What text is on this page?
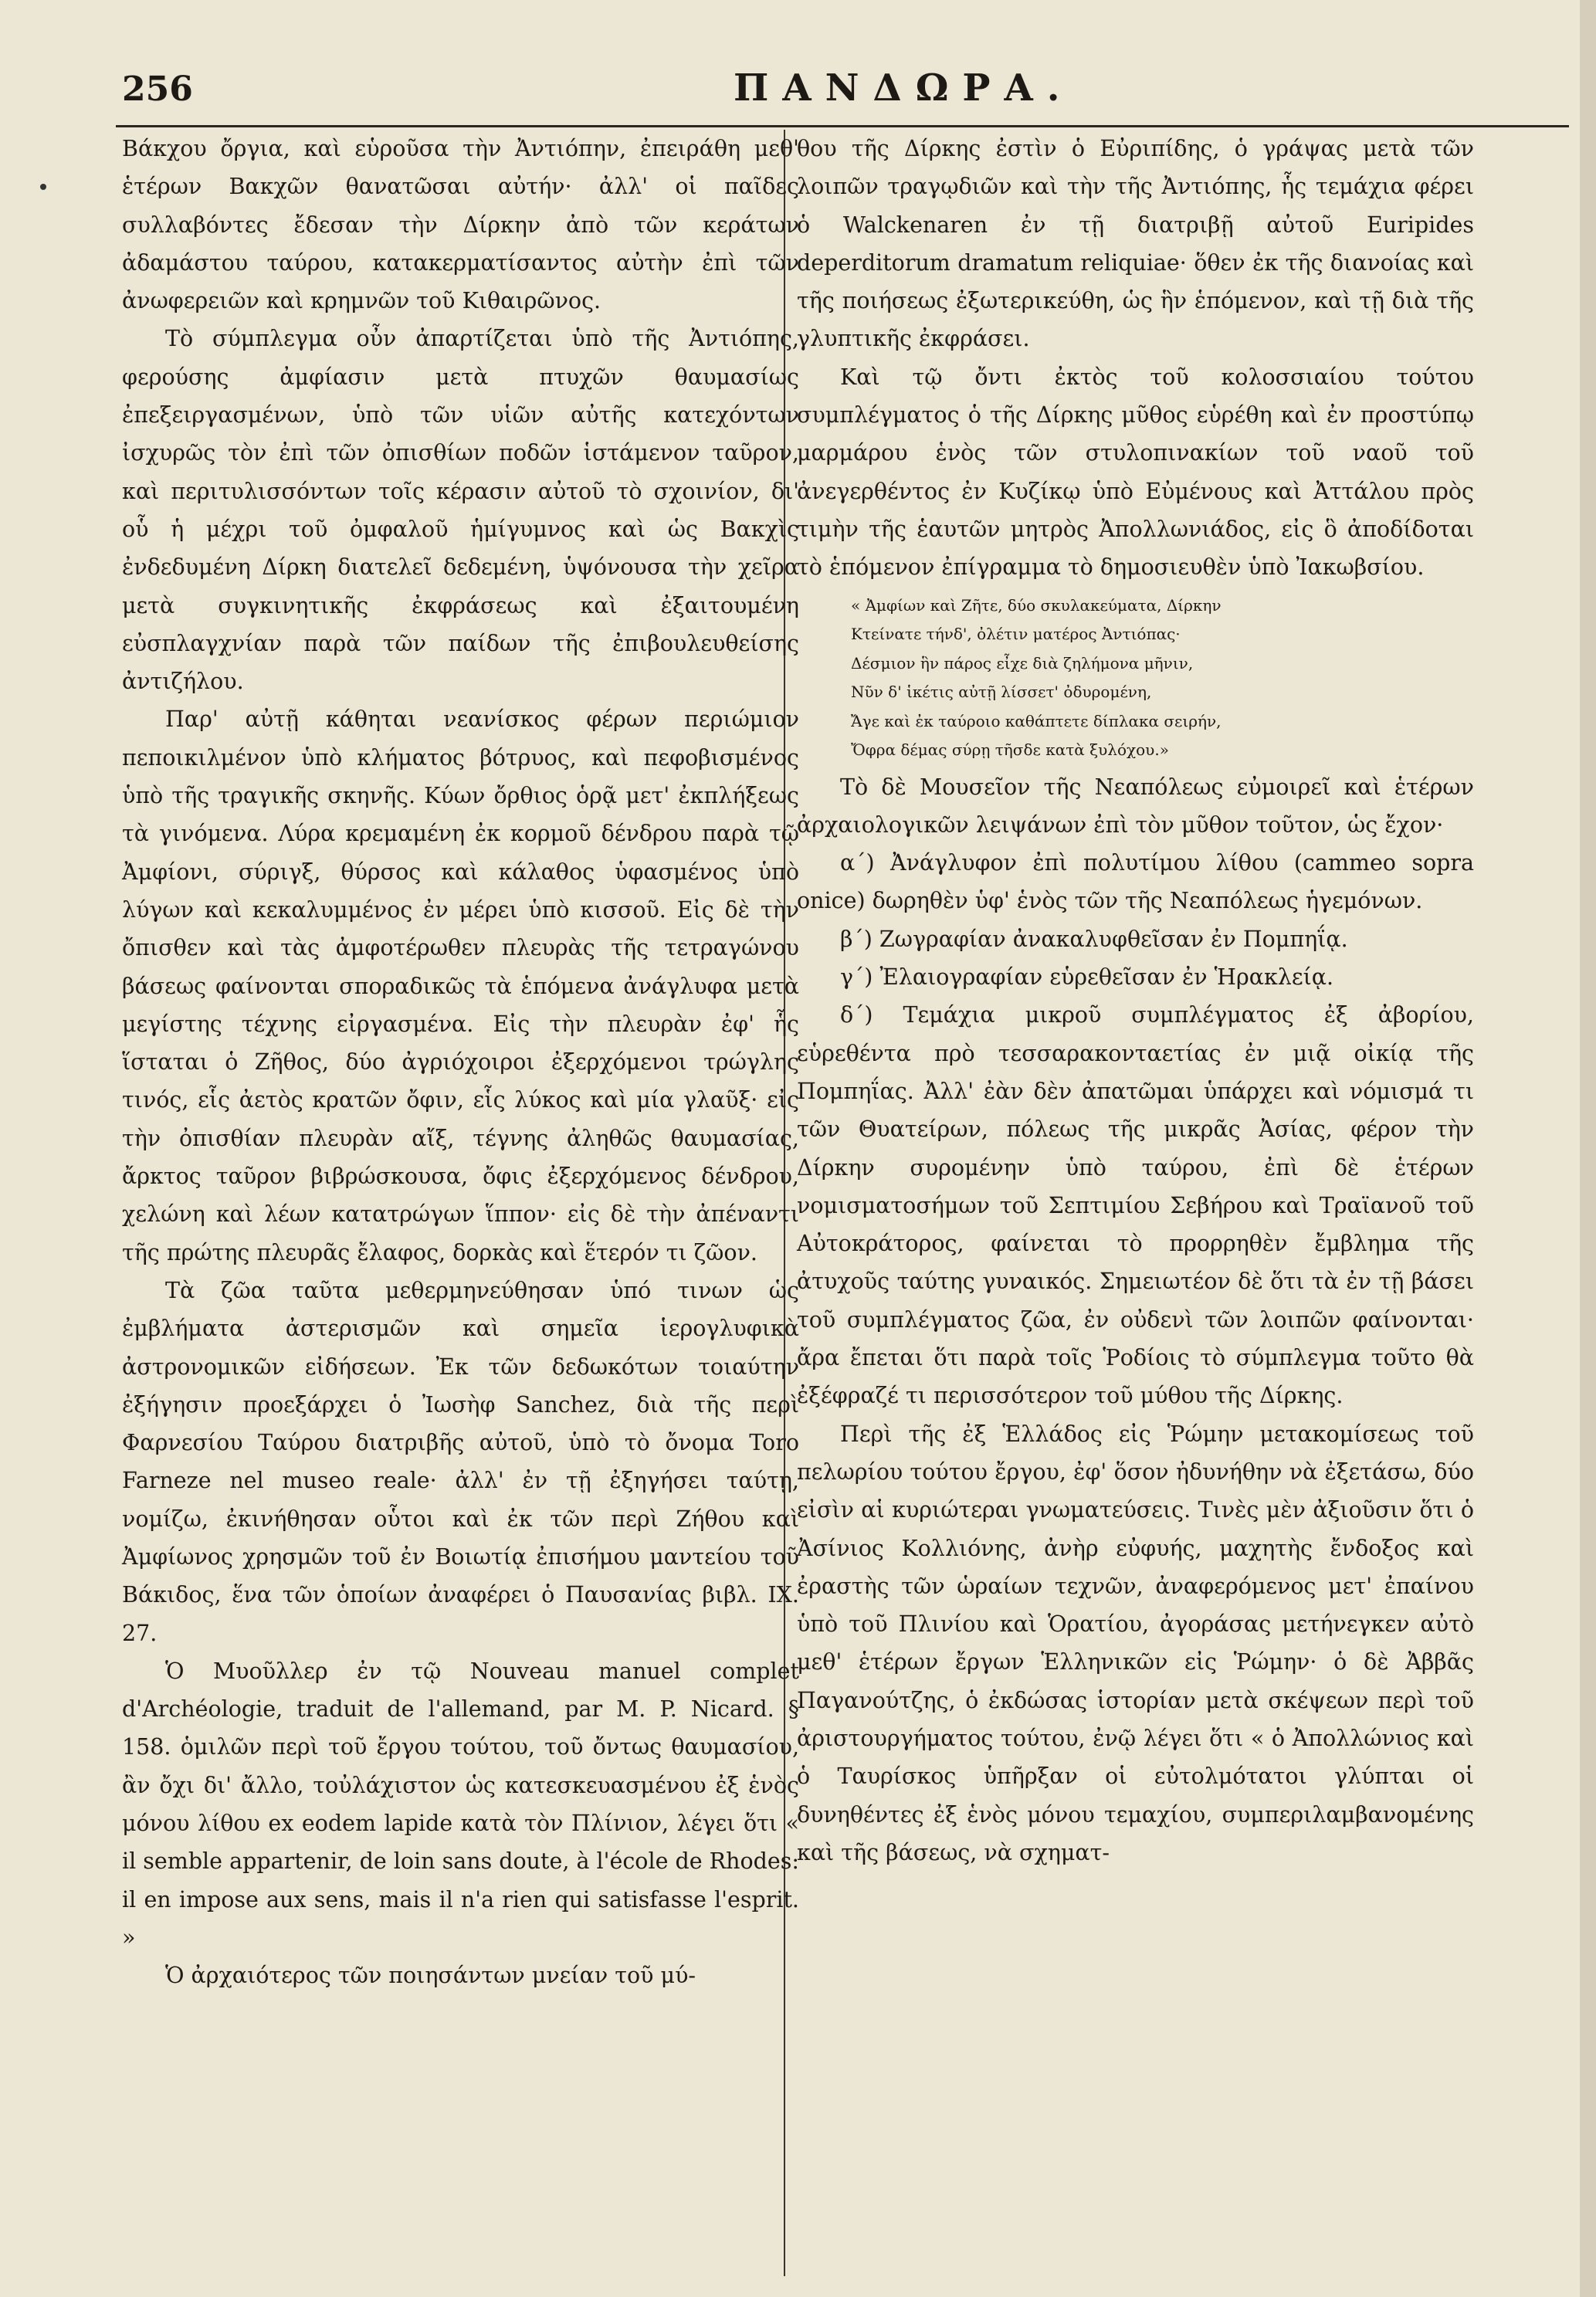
256	ΠΑΝΔΩΡΑ.

Βάκχου ὄργια, καὶ εὑροῦσα τὴν Ἀντιόπην, ἐπειράθη μεθ' ἑτέρων Βακχῶν θανατῶσαι αὐτήν· ἀλλ' οἱ παῖδες συλλαβόντες ἔδεσαν τὴν Δίρκην ἀπὸ τῶν κεράτων ἀδαμάστου ταύρου, κατακερματίσαντος αὐτὴν ἐπὶ τῶν ἀνωφερειῶν καὶ κρημνῶν τοῦ Κιθαιρῶνος.

Τὸ σύμπλεγμα οὖν ἀπαρτίζεται ὑπὸ τῆς Ἀντιόπης, φερούσης ἀμφίασιν μετὰ πτυχῶν θαυμασίως ἐπεξειργασμένων, ὑπὸ τῶν υἱῶν αὐτῆς κατεχόντων ἰσχυρῶς τὸν ἐπὶ τῶν ὀπισθίων ποδῶν ἱστάμενον ταῦρον, καὶ περιτυλισσόντων τοῖς κέρασιν αὐτοῦ τὸ σχοινίον, δι' οὗ ἡ μέχρι τοῦ ὀμφαλοῦ ἡμίγυμνος καὶ ὡς Βακχὶς ἐνδεδυμένη Δίρκη διατελεῖ δεδεμένη, ὑψόνουσα τὴν χεῖρα μετὰ συγκινητικῆς ἐκφράσεως καὶ ἐξαιτουμένη εὐσπλαγχνίαν παρὰ τῶν παίδων τῆς ἐπιβουλευθείσης ἀντιζήλου.

Παρ' αὐτῇ κάθηται νεανίσκος φέρων περιώμιον πεποικιλμένον ὑπὸ κλήματος βότρυος, καὶ πεφοβισμένος ὑπὸ τῆς τραγικῆς σκηνῆς. Κύων ὄρθιος ὁρᾷ μετ' ἐκπλήξεως τὰ γινόμενα. Λύρα κρεμαμένη ἐκ κορμοῦ δένδρου παρὰ τῷ Ἀμφίονι, σύριγξ, θύρσος καὶ κάλαθος ὑφασμένος ὑπὸ λύγων καὶ κεκαλυμμένος ἐν μέρει ὑπὸ κισσοῦ. Εἰς δὲ τὴν ὄπισθεν καὶ τὰς ἀμφοτέρωθεν πλευρὰς τῆς τετραγώνου βάσεως φαίνονται σποραδικῶς τὰ ἑπόμενα ἀνάγλυφα μετὰ μεγίστης τέχνης εἰργασμένα. Εἰς τὴν πλευρὰν ἐφ' ἧς ἵσταται ὁ Ζῆθος, δύο ἀγριόχοιροι ἐξερχόμενοι τρώγλης τινός, εἷς ἀετὸς κρατῶν ὄφιν, εἷς λύκος καὶ μία γλαῦξ· εἰς τὴν ὀπισθίαν πλευρὰν αἴξ, τέγνης ἀληθῶς θαυμασίας, ἄρκτος ταῦρον βιβρώσκουσα, ὄφις ἐξερχόμενος δένδρου, χελώνη καὶ λέων κατατρώγων ἵππον· εἰς δὲ τὴν ἀπέναντι τῆς πρώτης πλευρᾶς ἔλαφος, δορκὰς καὶ ἕτερόν τι ζῶον.

Τὰ ζῶα ταῦτα μεθερμηνεύθησαν ὑπό τινων ὡς ἐμβλήματα ἀστερισμῶν καὶ σημεῖα ἱερογλυφικὰ ἀστρονομικῶν εἰδήσεων. Ἐκ τῶν δεδωκότων τοιαύτην ἐξήγησιν προεξάρχει ὁ Ἰωσὴφ Sanchez, διὰ τῆς περὶ Φαρνεσίου Ταύρου διατριβῆς αὐτοῦ, ὑπὸ τὸ ὄνομα Toro Farneze nel museo reale· ἀλλ' ἐν τῇ ἐξηγήσει ταύτῃ, νομίζω, ἐκινήθησαν οὗτοι καὶ ἐκ τῶν περὶ Ζήθου καὶ Ἀμφίωνος χρησμῶν τοῦ ἐν Βοιωτίᾳ ἐπισήμου μαντείου τοῦ Βάκιδος, ἕνα τῶν ὁποίων ἀναφέρει ὁ Παυσανίας βιβλ. IX. 27.

Ὁ Μυοῦλλερ ἐν τῷ Nouveau manuel complet d'Archéologie, traduit de l'allemand, par M. P. Nicard. § 158. ὁμιλῶν περὶ τοῦ ἔργου τούτου, τοῦ ὄντως θαυμασίου, ἂν ὄχι δι' ἄλλο, τοὐλάχιστον ὡς κατεσκευασμένου ἐξ ἑνὸς μόνου λίθου ex eodem lapide κατὰ τὸν Πλίνιον, λέγει ὅτι « il semble appartenir, de loin sans doute, à l'école de Rhodes: il en impose aux sens, mais il n'a rien qui satisfasse l'esprit. »

Ὁ ἀρχαιότερος τῶν ποιησάντων μνείαν τοῦ μύ-

θου τῆς Δίρκης ἐστὶν ὁ Εὐριπίδης, ὁ γράψας μετὰ τῶν λοιπῶν τραγῳδιῶν καὶ τὴν τῆς Ἀντιόπης, ἧς τεμάχια φέρει ὁ Walckenaren ἐν τῇ διατριβῇ αὐτοῦ Euripides deperditorum dramatum reliquiae· ὅθεν ἐκ τῆς διανοίας καὶ τῆς ποιήσεως ἐξωτερικεύθη, ὡς ἣν ἑπόμενον, καὶ τῇ διὰ τῆς γλυπτικῆς ἐκφράσει.

Καὶ τῷ ὄντι ἐκτὸς τοῦ κολοσσιαίου τούτου συμπλέγματος ὁ τῆς Δίρκης μῦθος εὑρέθη καὶ ἐν προστύπῳ μαρμάρου ἑνὸς τῶν στυλοπινακίων τοῦ ναοῦ τοῦ ἀνεγερθέντος ἐν Κυζίκῳ ὑπὸ Εὐμένους καὶ Ἀττάλου πρὸς τιμὴν τῆς ἑαυτῶν μητρὸς Ἀπολλωνιάδος, εἰς ὃ ἀποδίδοται τὸ ἑπόμενον ἐπίγραμμα τὸ δημοσιευθὲν ὑπὸ Ἰακωβσίου.

« Ἀμφίων καὶ Ζῆτε, δύο σκυλακεύματα, Δίρκην
Κτείνατε τήνδ', ὀλέτιν ματέρος Ἀντιόπας·
Δέσμιον ἣν πάρος εἶχε διὰ ζηλήμονα μῆνιν,
Νῦν δ' ἱκέτις αὐτῇ λίσσετ' ὀδυρομένη,
Ἄγε καὶ ἐκ ταύροιο καθάπτετε δίπλακα σειρήν,
Ὄφρα δέμας σύρῃ τῆσδε κατὰ ξυλόχου.»

Τὸ δὲ Μουσεῖον τῆς Νεαπόλεως εὐμοιρεῖ καὶ ἑτέρων ἀρχαιολογικῶν λειψάνων ἐπὶ τὸν μῦθον τοῦτον, ὡς ἔχον·

α΄) Ἀνάγλυφον ἐπὶ πολυτίμου λίθου (cammeo sopra onice) δωρηθὲν ὑφ' ἑνὸς τῶν τῆς Νεαπόλεως ἡγεμόνων.

β΄) Ζωγραφίαν ἀνακαλυφθεῖσαν ἐν Πομπηΐᾳ.

γ΄) Ἐλαιογραφίαν εὑρεθεῖσαν ἐν Ἡρακλείᾳ.

δ΄) Τεμάχια μικροῦ συμπλέγματος ἐξ ἀβορίου, εὑρεθέντα πρὸ τεσσαρακονταετίας ἐν μιᾷ οἰκίᾳ τῆς Πομπηΐας. Ἀλλ' ἐὰν δὲν ἀπατῶμαι ὑπάρχει καὶ νόμισμά τι τῶν Θυατείρων, πόλεως τῆς μικρᾶς Ἀσίας, φέρον τὴν Δίρκην συρομένην ὑπὸ ταύρου, ἐπὶ δὲ ἑτέρων νομισματοσήμων τοῦ Σεπτιμίου Σεβήρου καὶ Τραϊανοῦ τοῦ Αὐτοκράτορος, φαίνεται τὸ προρρηθὲν ἔμβλημα τῆς ἀτυχοῦς ταύτης γυναικός. Σημειωτέον δὲ ὅτι τὰ ἐν τῇ βάσει τοῦ συμπλέγματος ζῶα, ἐν οὐδενὶ τῶν λοιπῶν φαίνονται· ἄρα ἔπεται ὅτι παρὰ τοῖς Ῥοδίοις τὸ σύμπλεγμα τοῦτο θὰ ἐξέφραζέ τι περισσότερον τοῦ μύθου τῆς Δίρκης.

Περὶ τῆς ἐξ Ἑλλάδος εἰς Ῥώμην μετακομίσεως τοῦ πελωρίου τούτου ἔργου, ἐφ' ὅσον ἠδυνήθην νὰ ἐξετάσω, δύο εἰσὶν αἱ κυριώτεραι γνωματεύσεις. Τινὲς μὲν ἀξιοῦσιν ὅτι ὁ Ἀσίνιος Κολλιόνης, ἀνὴρ εὐφυής, μαχητὴς ἔνδοξος καὶ ἐραστὴς τῶν ὡραίων τεχνῶν, ἀναφερόμενος μετ' ἐπαίνου ὑπὸ τοῦ Πλινίου καὶ Ὁρατίου, ἀγοράσας μετήνεγκεν αὐτὸ μεθ' ἑτέρων ἔργων Ἑλληνικῶν εἰς Ῥώμην· ὁ δὲ Ἀββᾶς Παγανούτζης, ὁ ἐκδώσας ἱστορίαν μετὰ σκέψεων περὶ τοῦ ἀριστουργήματος τούτου, ἐνῷ λέγει ὅτι « ὁ Ἀπολλώνιος καὶ ὁ Ταυρίσκος ὑπῆρξαν οἱ εὐτολμότατοι γλύπται οἱ δυνηθέντες ἐξ ἑνὸς μόνου τεμαχίου, συμπεριλαμβανομένης καὶ τῆς βάσεως, νὰ σχηματ-
